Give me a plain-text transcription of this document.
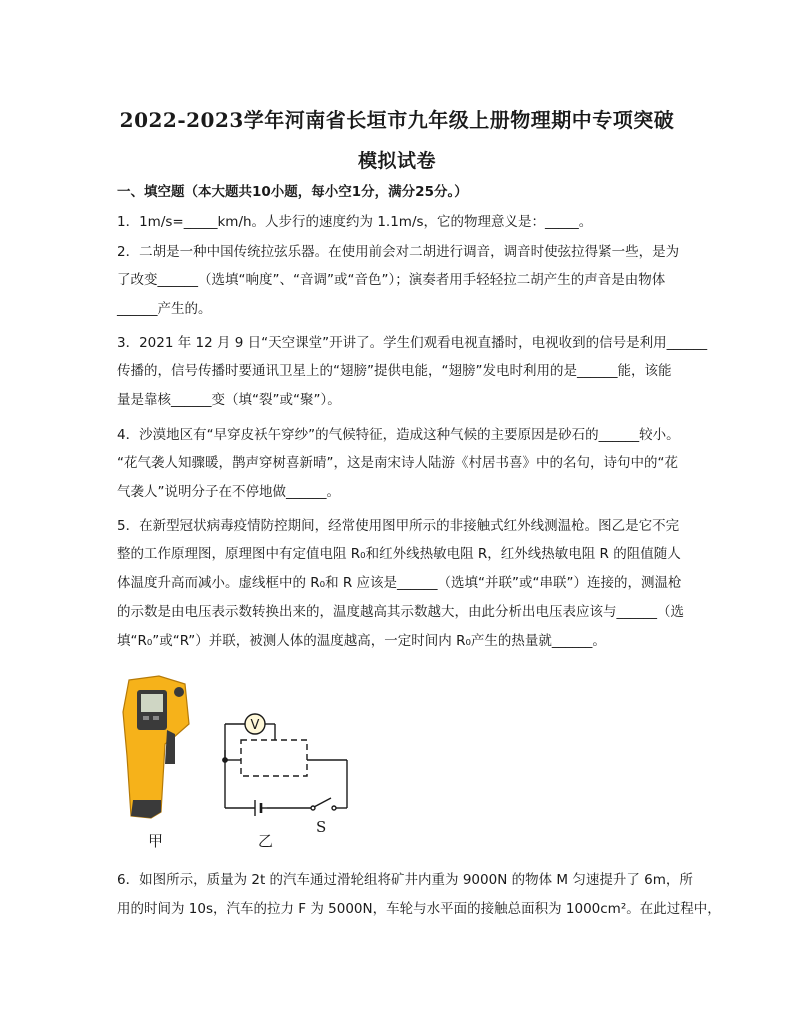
2022-2023学年河南省长垣市九年级上册物理期中专项突破
模拟试卷
一、填空题（本大题共10小题，每小空1分，满分25分。）
1．1m/s=_____km/h。人步行的速度约为 1.1m/s，它的物理意义是：_____。
2．二胡是一种中国传统拉弦乐器。在使用前会对二胡进行调音，调音时使弦拉得紧一些，是为
了改变______（选填“响度”、“音调”或“音色”）；演奏者用手轻轻拉二胡产生的声音是由物体
______产生的。
3．2021 年 12 月 9 日“天空课堂”开讲了。学生们观看电视直播时，电视收到的信号是利用______
传播的，信号传播时要通讯卫星上的“翅膀”提供电能，“翅膀”发电时利用的是______能，该能
量是靠核______变（填“裂”或“聚”）。
4．沙漠地区有“早穿皮袄午穿纱”的气候特征，造成这种气候的主要原因是砂石的______较小。
“花气袭人知骤暖，鹊声穿树喜新晴”，这是南宋诗人陆游《村居书喜》中的名句，诗句中的“花
气袭人”说明分子在不停地做______。
5．在新型冠状病毒疫情防控期间，经常使用图甲所示的非接触式红外线测温枪。图乙是它不完
整的工作原理图，原理图中有定值电阻 R₀和红外线热敏电阻 R，红外线热敏电阻 R 的阻值随人
体温度升高而减小。虚线框中的 R₀和 R 应该是______（选填“并联”或“串联”）连接的，测温枪
的示数是由电压表示数转换出来的，温度越高其示数越大，由此分析出电压表应该与______（选
填“R₀”或“R”）并联，被测人体的温度越高，一定时间内 R₀产生的热量就______。
V
S
甲	乙
6．如图所示，质量为 2t 的汽车通过滑轮组将矿井内重为 9000N 的物体 M 匀速提升了 6m，所
用的时间为 10s，汽车的拉力 F 为 5000N，车轮与水平面的接触总面积为 1000cm²。在此过程中，
